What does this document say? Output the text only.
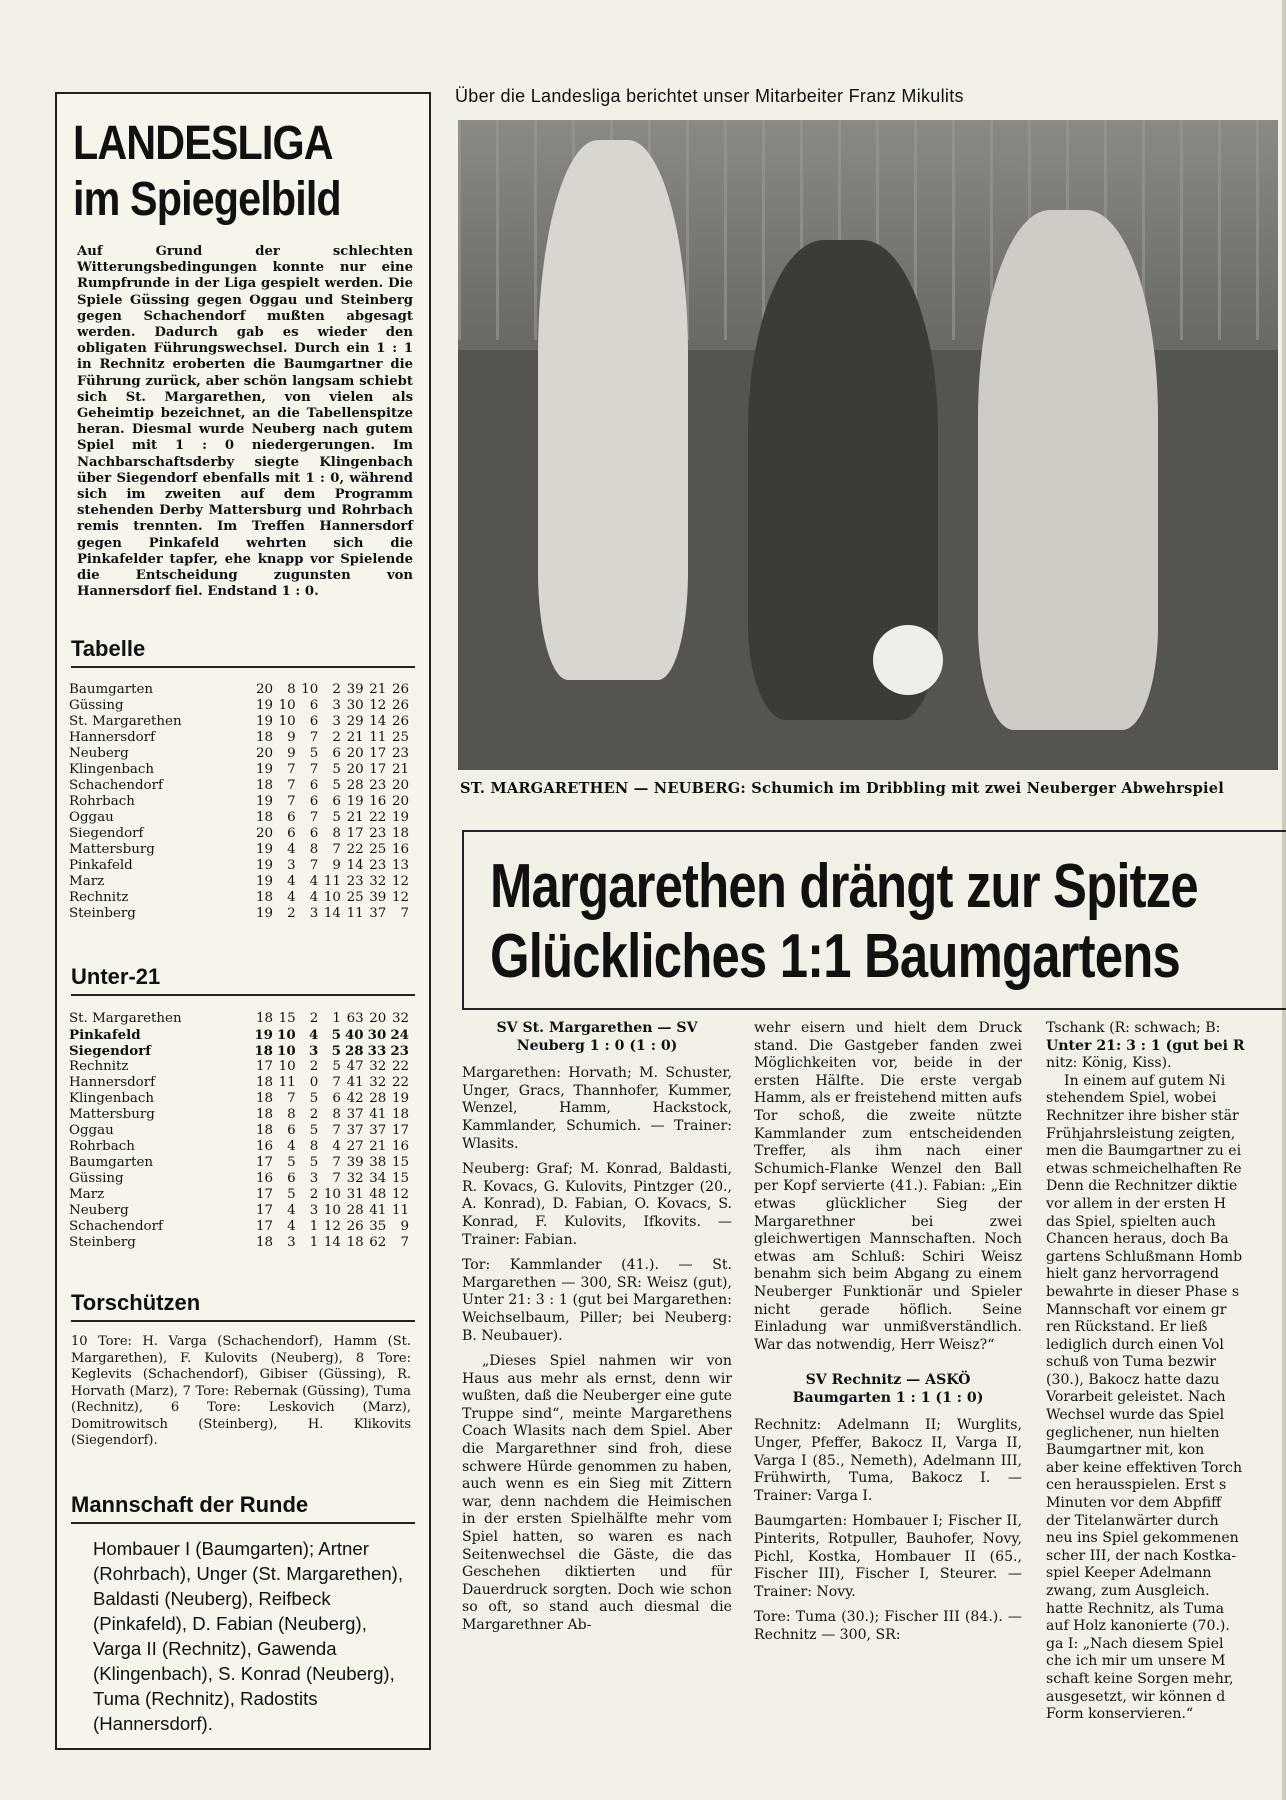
LANDESLIGA
im Spiegelbild

Auf Grund der schlechten Witterungsbedingungen konnte nur eine Rumpfrunde in der Liga gespielt werden. Die Spiele Güssing gegen Oggau und Steinberg gegen Schachendorf mußten abgesagt werden. Dadurch gab es wieder den obligaten Führungswechsel. Durch ein 1 : 1 in Rechnitz eroberten die Baumgartner die Führung zurück, aber schön langsam schiebt sich St. Margarethen, von vielen als Geheimtip bezeichnet, an die Tabellenspitze heran. Diesmal wurde Neuberg nach gutem Spiel mit 1 : 0 niedergerungen. Im Nachbarschaftsderby siegte Klingenbach über Siegendorf ebenfalls mit 1 : 0, während sich im zweiten auf dem Programm stehenden Derby Mattersburg und Rohrbach remis trennten. Im Treffen Hannersdorf gegen Pinkafeld wehrten sich die Pinkafelder tapfer, ehe knapp vor Spielende die Entscheidung zugunsten von Hannersdorf fiel. Endstand 1 : 0.

Tabelle
Baumgarten	20	8	10	2	39	21	26
Güssing	19	10	6	3	30	12	26
St. Margarethen	19	10	6	3	29	14	26
Hannersdorf	18	9	7	2	21	11	25
Neuberg	20	9	5	6	20	17	23
Klingenbach	19	7	7	5	20	17	21
Schachendorf	18	7	6	5	28	23	20
Rohrbach	19	7	6	6	19	16	20
Oggau	18	6	7	5	21	22	19
Siegendorf	20	6	6	8	17	23	18
Mattersburg	19	4	8	7	22	25	16
Pinkafeld	19	3	7	9	14	23	13
Marz	19	4	4	11	23	32	12
Rechnitz	18	4	4	10	25	39	12
Steinberg	19	2	3	14	11	37	7
Unter-21
St. Margarethen	18	15	2	1	63	20	32
Pinkafeld	19	10	4	5	40	30	24
Siegendorf	18	10	3	5	28	33	23
Rechnitz	17	10	2	5	47	32	22
Hannersdorf	18	11	0	7	41	32	22
Klingenbach	18	7	5	6	42	28	19
Mattersburg	18	8	2	8	37	41	18
Oggau	18	6	5	7	37	37	17
Rohrbach	16	4	8	4	27	21	16
Baumgarten	17	5	5	7	39	38	15
Güssing	16	6	3	7	32	34	15
Marz	17	5	2	10	31	48	12
Neuberg	17	4	3	10	28	41	11
Schachendorf	17	4	1	12	26	35	9
Steinberg	18	3	1	14	18	62	7
Torschützen

10 Tore: H. Varga (Schachendorf), Hamm (St. Margarethen), F. Kulovits (Neuberg), 8 Tore: Keglevits (Schachendorf), Gibiser (Güssing), R. Horvath (Marz), 7 Tore: Rebernak (Güssing), Tuma (Rechnitz), 6 Tore: Leskovich (Marz), Domitrowitsch (Steinberg), H. Klikovits (Siegendorf).

Mannschaft der Runde

Hombauer I (Baumgarten); Artner (Rohrbach), Unger (St. Margarethen), Baldasti (Neuberg), Reifbeck (Pinkafeld), D. Fabian (Neuberg), Varga II (Rechnitz), Gawenda (Klingenbach), S. Konrad (Neuberg), Tuma (Rechnitz), Radostits (Hannersdorf).

Über die Landesliga berichtet unser Mitarbeiter Franz Mikulits

ST. MARGARETHEN — NEUBERG: Schumich im Dribbling mit zwei Neuberger Abwehrspiel

Margarethen drängt zur Spitze
Glückliches 1:1 Baumgartens
SV St. Margarethen — SV Neuberg 1 : 0 (1 : 0)

Margarethen: Horvath; M. Schuster, Unger, Gracs, Thannhofer, Kummer, Wenzel, Hamm, Hackstock, Kammlander, Schumich. — Trainer: Wlasits.

Neuberg: Graf; M. Konrad, Baldasti, R. Kovacs, G. Kulovits, Pintzger (20., A. Konrad), D. Fabian, O. Kovacs, S. Konrad, F. Kulovits, Ifkovits. — Trainer: Fabian.

Tor: Kammlander (41.). — St. Margarethen — 300, SR: Weisz (gut), Unter 21: 3 : 1 (gut bei Margarethen: Weichselbaum, Piller; bei Neuberg: B. Neubauer).

„Dieses Spiel nahmen wir von Haus aus mehr als ernst, denn wir wußten, daß die Neuberger eine gute Truppe sind“, meinte Margarethens Coach Wlasits nach dem Spiel. Aber die Margarethner sind froh, diese schwere Hürde genommen zu haben, auch wenn es ein Sieg mit Zittern war, denn nachdem die Heimischen in der ersten Spielhälfte mehr vom Spiel hatten, so waren es nach Seitenwechsel die Gäste, die das Geschehen diktierten und für Dauerdruck sorgten. Doch wie schon so oft, so stand auch diesmal die Margarethner Ab-

wehr eisern und hielt dem Druck stand. Die Gastgeber fanden zwei Möglichkeiten vor, beide in der ersten Hälfte. Die erste vergab Hamm, als er freistehend mitten aufs Tor schoß, die zweite nützte Kammlander zum entscheidenden Treffer, als ihm nach einer Schumich-Flanke Wenzel den Ball per Kopf servierte (41.). Fabian: „Ein etwas glücklicher Sieg der Margarethner bei zwei gleichwertigen Mannschaften. Noch etwas am Schluß: Schiri Weisz benahm sich beim Abgang zu einem Neuberger Funktionär und Spieler nicht gerade höflich. Seine Einladung war unmißverständlich. War das notwendig, Herr Weisz?“

SV Rechnitz — ASKÖ Baumgarten 1 : 1 (1 : 0)

Rechnitz: Adelmann II; Wurglits, Unger, Pfeffer, Bakocz II, Varga II, Varga I (85., Nemeth), Adelmann III, Frühwirth, Tuma, Bakocz I. — Trainer: Varga I.

Baumgarten: Hombauer I; Fischer II, Pinterits, Rotpuller, Bauhofer, Novy, Pichl, Kostka, Hombauer II (65., Fischer III), Fischer I, Steurer. — Trainer: Novy.

Tore: Tuma (30.); Fischer III (84.). — Rechnitz — 300, SR:

Tschank (R: schwach; B:

Unter 21: 3 : 1 (gut bei R

nitz: König, Kiss).

In einem auf gutem Ni

stehendem Spiel, wobei

Rechnitzer ihre bisher stär

Frühjahrsleistung zeigten,

men die Baumgartner zu ei

etwas schmeichelhaften Re

Denn die Rechnitzer diktie

vor allem in der ersten H

das Spiel, spielten auch

Chancen heraus, doch Ba

gartens Schlußmann Homb

hielt ganz hervorragend

bewahrte in dieser Phase s

Mannschaft vor einem gr

ren Rückstand. Er ließ

lediglich durch einen Vol

schuß von Tuma bezwir

(30.), Bakocz hatte dazu

Vorarbeit geleistet. Nach

Wechsel wurde das Spiel

geglichener, nun hielten

Baumgartner mit, kon

aber keine effektiven Torch

cen herausspielen. Erst s

Minuten vor dem Abpfiff

der Titelanwärter durch

neu ins Spiel gekommenen

scher III, der nach Kostka-

spiel Keeper Adelmann

zwang, zum Ausgleich.

hatte Rechnitz, als Tuma

auf Holz kanonierte (70.).

ga I: „Nach diesem Spiel

che ich mir um unsere M

schaft keine Sorgen mehr,

ausgesetzt, wir können d

Form konservieren.“
